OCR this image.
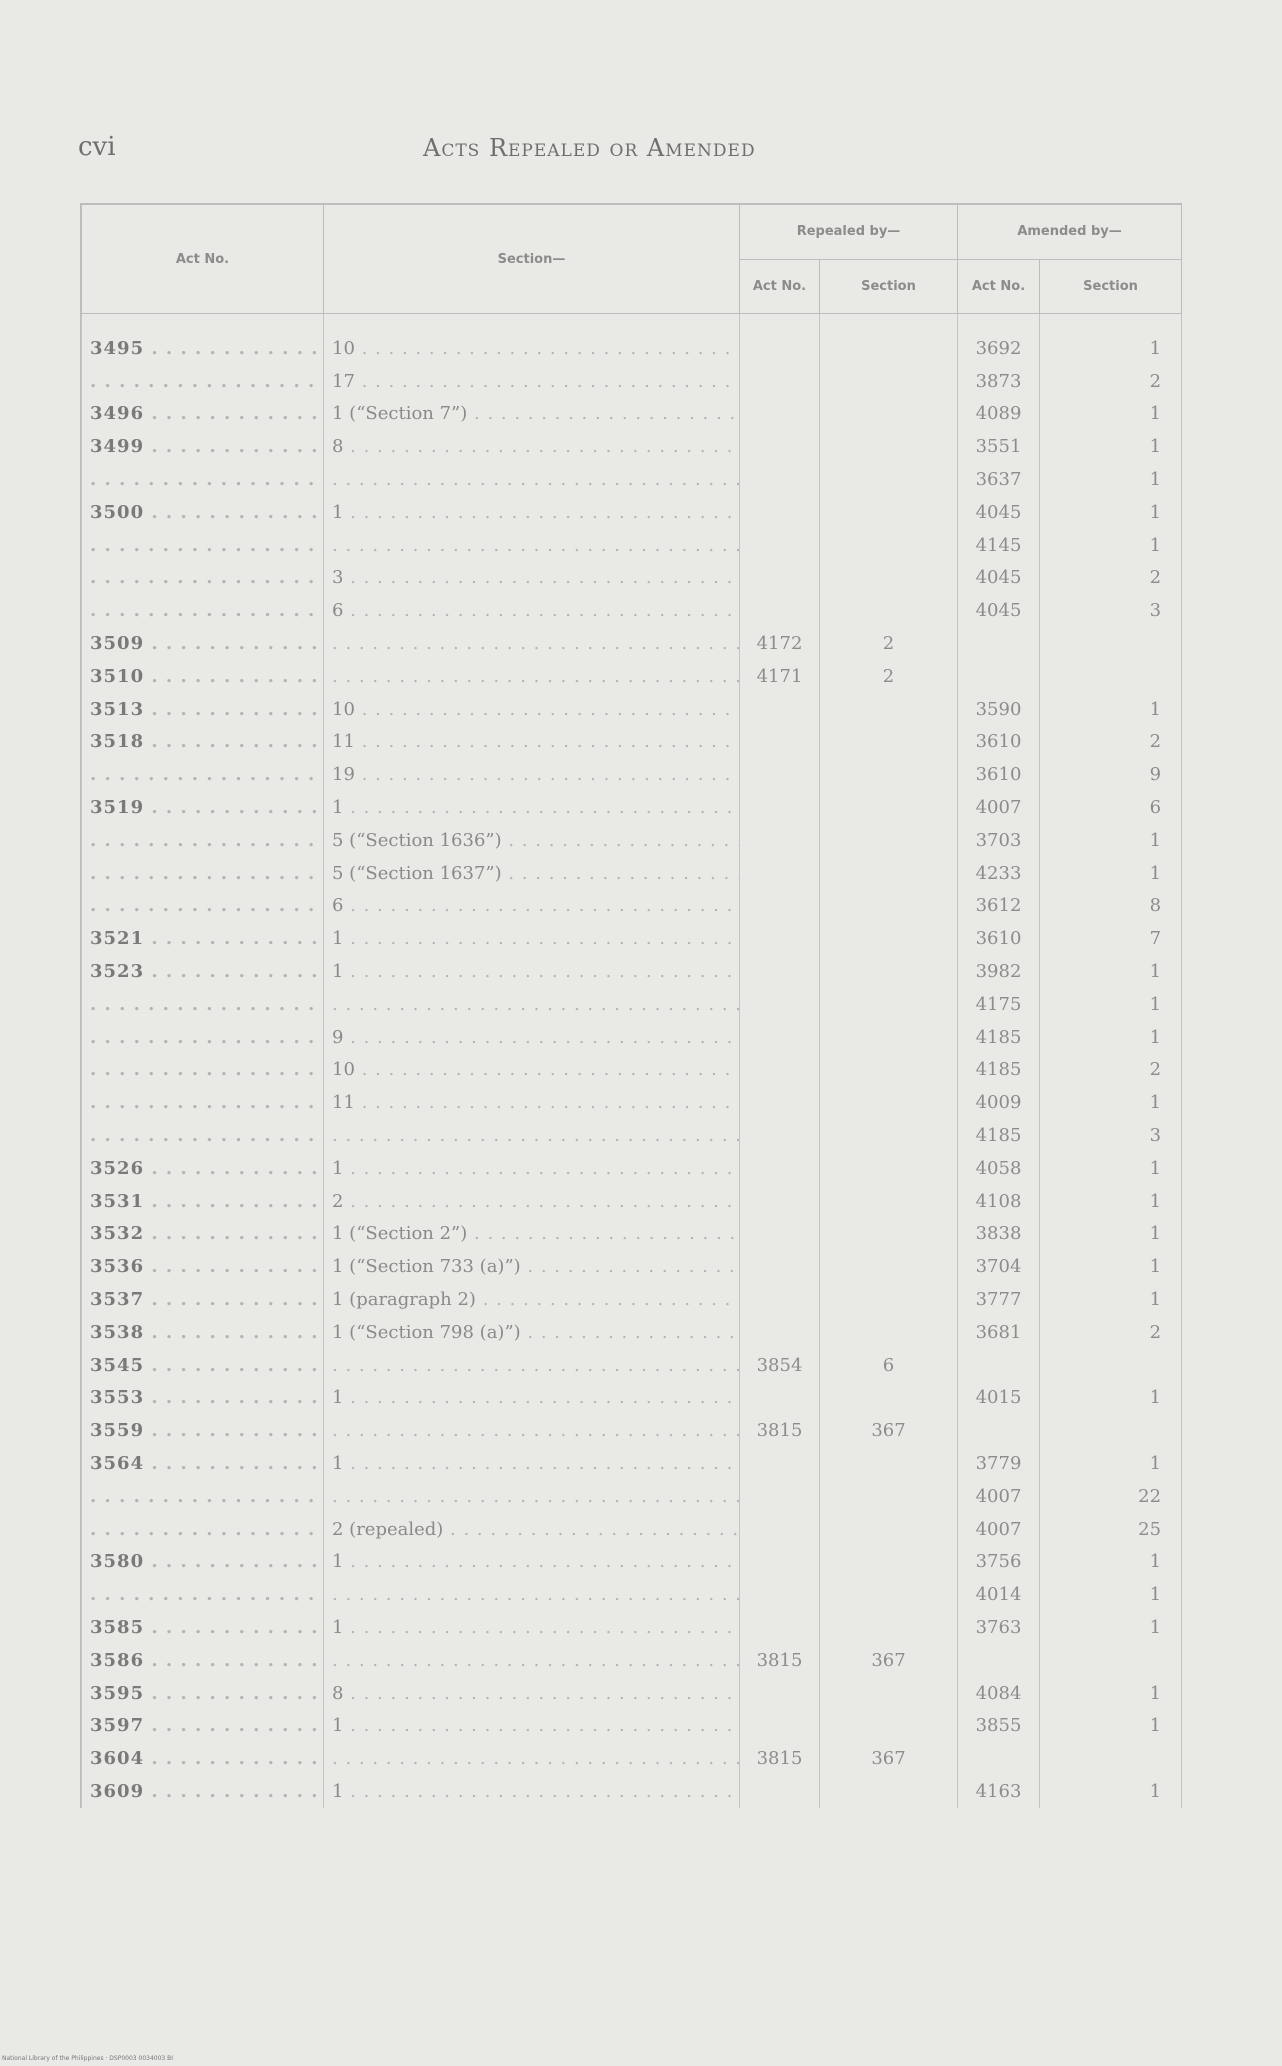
cvi	Acts Repealed or Amended
Act No.	Section—	Repealed by—		Amended by—	
		Act No.	Section	Act No.	Section
3495 . . .	10 . . .			3692	1
. . .	17 . . .			3873	2
3496 . . .	1 (“Section 7”) . . .			4089	1
3499 . . .	8 . . .			3551	1
. . .	. . .			3637	1
3500 . . .	1 . . .			4045	1
. . .	. . .			4145	1
. . .	3 . . .			4045	2
. . .	6 . . .			4045	3
3509 . . .	. . .	4172	2		
3510 . . .	. . .	4171	2		
3513 . . .	10 . . .			3590	1
3518 . . .	11 . . .			3610	2
. . .	19 . . .			3610	9
3519 . . .	1 . . .			4007	6
. . .	5 (“Section 1636”) . . .			3703	1
. . .	5 (“Section 1637”) . . .			4233	1
. . .	6 . . .			3612	8
3521 . . .	1 . . .			3610	7
3523 . . .	1 . . .			3982	1
. . .	. . .			4175	1
. . .	9 . . .			4185	1
. . .	10 . . .			4185	2
. . .	11 . . .			4009	1
. . .	. . .			4185	3
3526 . . .	1 . . .			4058	1
3531 . . .	2 . . .			4108	1
3532 . . .	1 (“Section 2”) . . .			3838	1
3536 . . .	1 (“Section 733 (a)”) . . .			3704	1
3537 . . .	1 (paragraph 2) . . .			3777	1
3538 . . .	1 (“Section 798 (a)”) . . .			3681	2
3545 . . .	. . .	3854	6		
3553 . . .	1 . . .			4015	1
3559 . . .	. . .	3815	367		
3564 . . .	1 . . .			3779	1
. . .	. . .			4007	22
. . .	2 (repealed) . . .			4007	25
3580 . . .	1 . . .			3756	1
. . .	. . .			4014	1
3585 . . .	1 . . .			3763	1
3586 . . .	. . .	3815	367		
3595 . . .	8 . . .			4084	1
3597 . . .	1 . . .			3855	1
3604 . . .	. . .	3815	367		
3609 . . .	1 . . .			4163	1
National Library of the Philippines · DSP0003 0034003 BI
